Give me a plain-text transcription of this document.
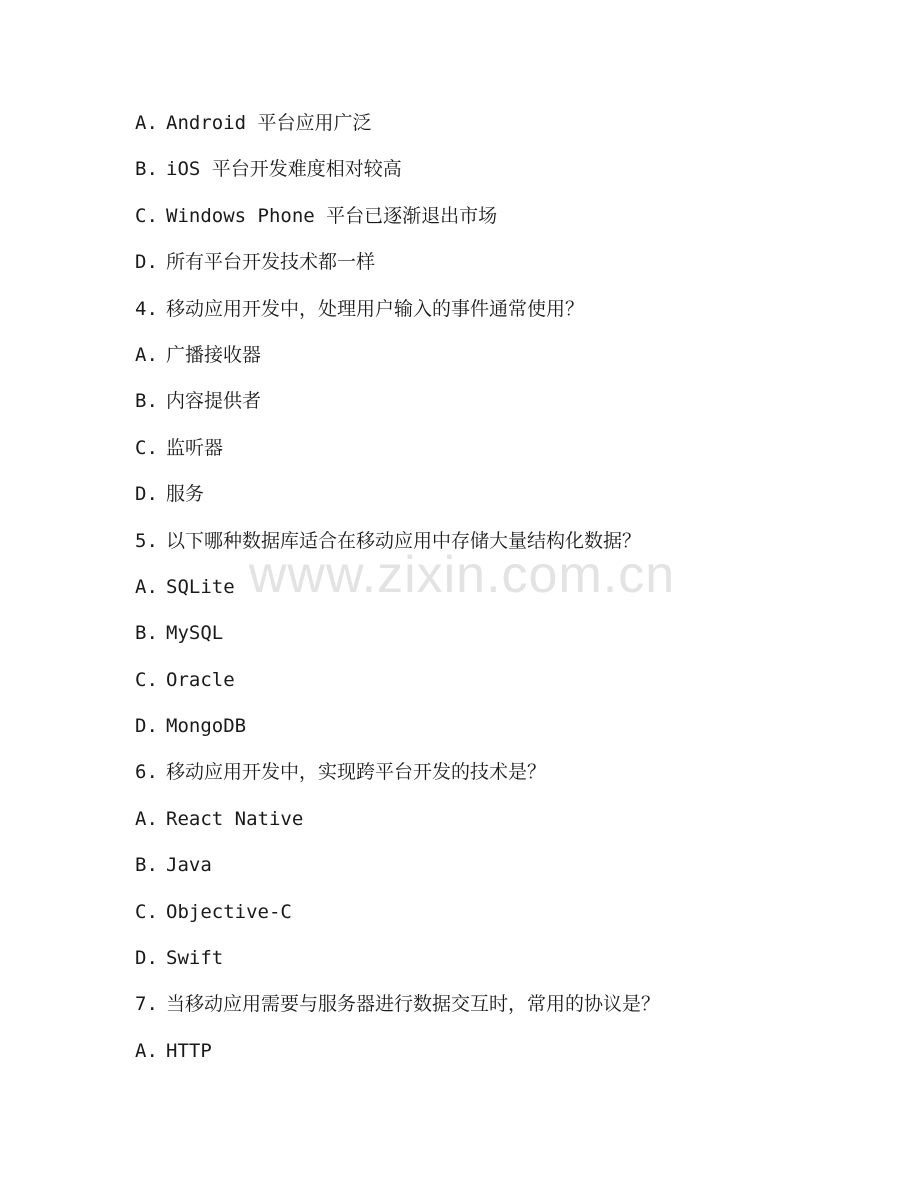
A. Android 平台应用广泛
B. iOS 平台开发难度相对较高
C. Windows Phone 平台已逐渐退出市场
D. 所有平台开发技术都一样
4. 移动应用开发中，处理用户输入的事件通常使用？
A. 广播接收器
B. 内容提供者
C. 监听器
D. 服务
5. 以下哪种数据库适合在移动应用中存储大量结构化数据？
A. SQLite
B. MySQL
C. Oracle
D. MongoDB
6. 移动应用开发中，实现跨平台开发的技术是？
A. React Native
B. Java
C. Objective-C
D. Swift
7. 当移动应用需要与服务器进行数据交互时，常用的协议是？
A. HTTP
www.zixin.com.cn
